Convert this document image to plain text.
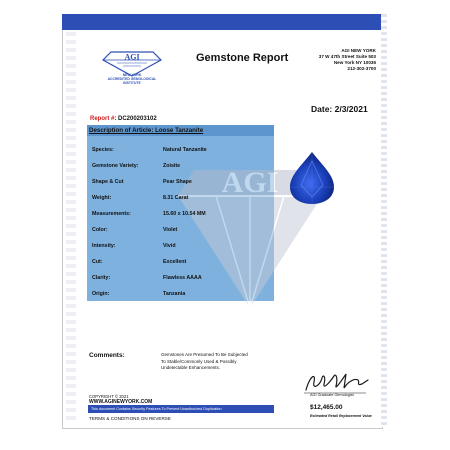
AGI
NEW YORK
ACCREDITED GEMOLOGICAL
INSTITUTE
Gemstone Report
AGI NEW YORK
37 W 47th Street Suite 503
New York NY 10036
212-302-3700
Date: 2/3/2021
Report #: DC200203102
Description of Article: Loose Tanzanite
AGI
Species:	Natural Tanzanite
Gemstone Variety:	Zoisite
Shape & Cut	Pear Shape
Weight:	8.31 Carat
Measurements:	15.60 x 10.54 MM
Color:	Violet
Intensity:	Vivid
Cut:	Excellent
Clarity:	Flawless AAAA
Origin:	Tanzania
Comments:	Gemstones Are Presumed To Be Subjected
To Stable/Commonly Used & Possibly
Undetectable Enhancements.
AGI Graduate Gemologist
$12,465.00
Estimated Retail Replacement Value
COPYRIGHT © 2021
WWW.AGINEWYORK.COM
This document Contains Security Features To Prevent Unauthorized Duplication
TERMS & CONDITIONS ON REVERSE
